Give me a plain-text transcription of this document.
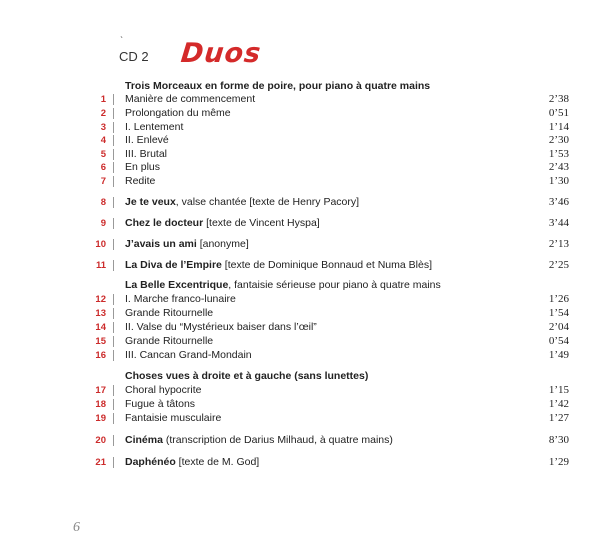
ˋ
CD 2 Duos
Trois Morceaux en forme de poire, pour piano à quatre mains
1 Manière de commencement	2’38
2 Prolongation du même	0’51
3 I. Lentement	1’14
4 II. Enlevé	2’30
5 III. Brutal	1’53
6 En plus	2’43
7 Redite	1’30
8 Je te veux, valse chantée [texte de Henry Pacory]	3’46
9 Chez le docteur [texte de Vincent Hyspa]	3’44
10 J’avais un ami [anonyme]	2’13
11 La Diva de l’Empire [texte de Dominique Bonnaud et Numa Blès]	2’25
La Belle Excentrique, fantaisie sérieuse pour piano à quatre mains
12 I. Marche franco-lunaire	1’26
13 Grande Ritournelle	1’54
14 II. Valse du “Mystérieux baiser dans l’œil”	2’04
15 Grande Ritournelle	0’54
16 III. Cancan Grand-Mondain	1’49
Choses vues à droite et à gauche (sans lunettes)
17 Choral hypocrite	1’15
18 Fugue à tâtons	1’42
19 Fantaisie musculaire	1’27
20 Cinéma (transcription de Darius Milhaud, à quatre mains)	8’30
21 Daphénéo [texte de M. God]	1’29
6
